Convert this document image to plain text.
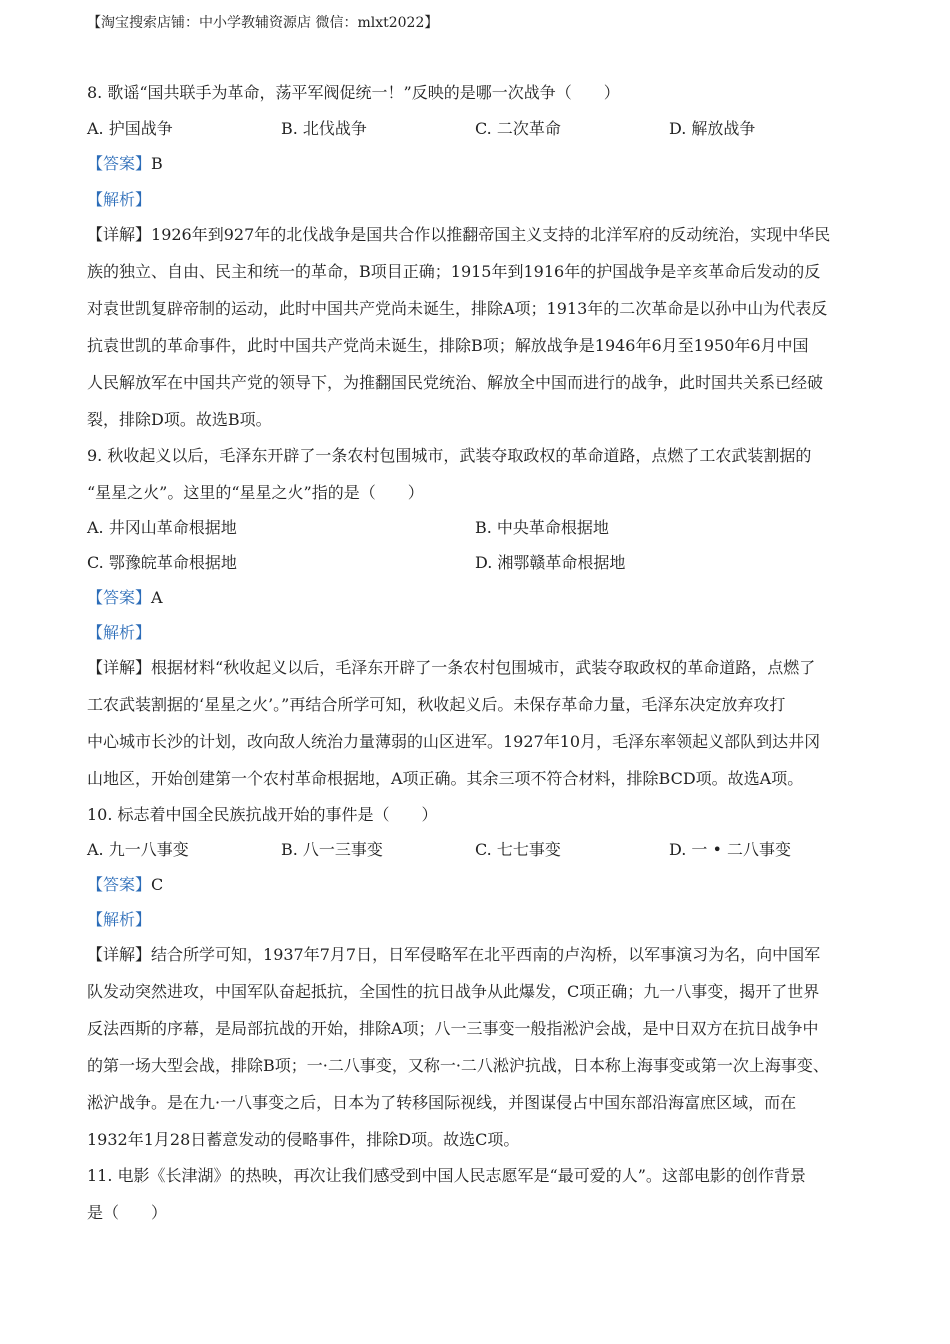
【淘宝搜索店铺：中小学教辅资源店 微信：mlxt2022】
8. 歌谣“国共联手为革命，荡平军阀促统一！”反映的是哪一次战争（　　）
A. 护国战争	B. 北伐战争	C. 二次革命	D. 解放战争
【答案】B
【解析】
【详解】1926年到927年的北伐战争是国共合作以推翻帝国主义支持的北洋军府的反动统治，实现中华民
族的独立、自由、民主和统一的革命，B项目正确；1915年到1916年的护国战争是辛亥革命后发动的反
对袁世凯复辟帝制的运动，此时中国共产党尚未诞生，排除A项；1913年的二次革命是以孙中山为代表反
抗袁世凯的革命事件，此时中国共产党尚未诞生，排除B项；解放战争是1946年6月至1950年6月中国
人民解放军在中国共产党的领导下，为推翻国民党统治、解放全中国而进行的战争，此时国共关系已经破
裂，排除D项。故选B项。
9. 秋收起义以后，毛泽东开辟了一条农村包围城市，武装夺取政权的革命道路，点燃了工农武装割据的
“星星之火”。这里的“星星之火”指的是（　　）
A. 井冈山革命根据地	B. 中央革命根据地
C. 鄂豫皖革命根据地	D. 湘鄂赣革命根据地
【答案】A
【解析】
【详解】根据材料“秋收起义以后，毛泽东开辟了一条农村包围城市，武装夺取政权的革命道路，点燃了
工农武装割据的‘星星之火’。”再结合所学可知，秋收起义后。未保存革命力量，毛泽东决定放弃攻打
中心城市长沙的计划，改向敌人统治力量薄弱的山区进军。1927年10月，毛泽东率领起义部队到达井冈
山地区，开始创建第一个农村革命根据地，A项正确。其余三项不符合材料，排除BCD项。故选A项。
10. 标志着中国全民族抗战开始的事件是（　　）
A. 九一八事变	B. 八一三事变	C. 七七事变	D. 一 • 二八事变
【答案】C
【解析】
【详解】结合所学可知，1937年7月7日，日军侵略军在北平西南的卢沟桥，以军事演习为名，向中国军
队发动突然进攻，中国军队奋起抵抗，全国性的抗日战争从此爆发，C项正确；九一八事变，揭开了世界
反法西斯的序幕，是局部抗战的开始，排除A项；八一三事变一般指淞沪会战，是中日双方在抗日战争中
的第一场大型会战，排除B项；一·二八事变，又称一·二八淞沪抗战，日本称上海事变或第一次上海事变、
淞沪战争。是在九·一八事变之后，日本为了转移国际视线，并图谋侵占中国东部沿海富庶区域，而在
1932年1月28日蓄意发动的侵略事件，排除D项。故选C项。
11. 电影《长津湖》的热映，再次让我们感受到中国人民志愿军是“最可爱的人”。这部电影的创作背景
是（　　）
